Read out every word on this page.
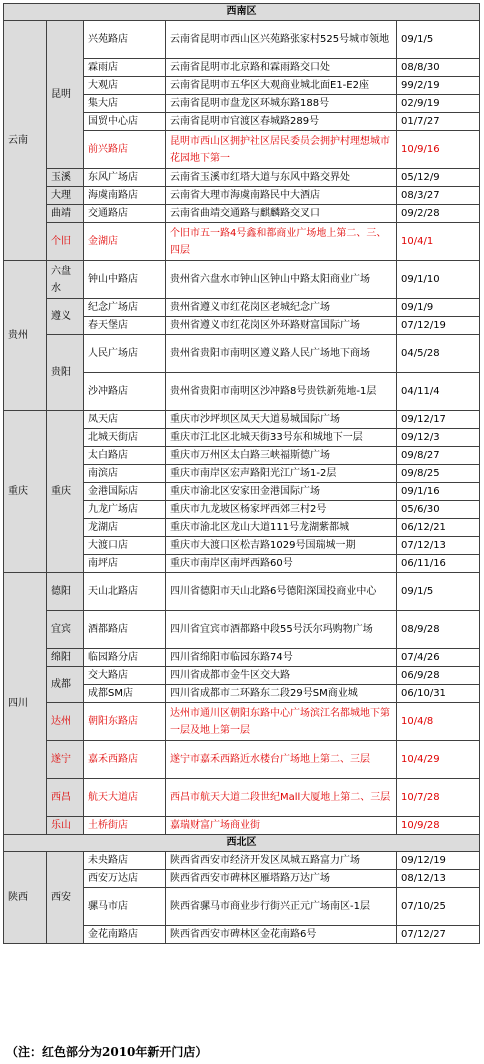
西南区				
云南	昆明	兴苑路店	云南省昆明市西山区兴苑路张家村525号城市领地	09/1/5
		霖雨店	云南省昆明市北京路和霖雨路交口处	08/8/30
		大观店	云南省昆明市五华区大观商业城北面E1-E2座	99/2/19
		集大店	云南省昆明市盘龙区环城东路188号	02/9/19
		国贸中心店	云南省昆明市官渡区春城路289号	01/7/27
		前兴路店	昆明市西山区拥护社区居民委员会拥护村理想城市花园地下第一	10/9/16
	玉溪	东风广场店	云南省玉溪市红塔大道与东风中路交界处	05/12/9
	大理	海虞南路店	云南省大理市海虞南路民中大酒店	08/3/27
	曲靖	交通路店	云南省曲靖交通路与麒麟路交叉口	09/2/28
	个旧	金湖店	个旧市五一路4号鑫和都商业广场地上第二、三、四层	10/4/1
贵州	六盘水	钟山中路店	贵州省六盘水市钟山区钟山中路太阳商业广场	09/1/10
	遵义	纪念广场店	贵州省遵义市红花岗区老城纪念广场	09/1/9
		春天堡店	贵州省遵义市红花岗区外环路财富国际广场	07/12/19
	贵阳	人民广场店	贵州省贵阳市南明区遵义路人民广场地下商场	04/5/28
		沙冲路店	贵州省贵阳市南明区沙冲路8号贵铁新苑地-1层	04/11/4
重庆	重庆	凤天店	重庆市沙坪坝区凤天大道易城国际广场	09/12/17
		北城天街店	重庆市江北区北城天街33号东和城地下一层	09/12/3
		太白路店	重庆市万州区太白路三峡福斯德广场	09/8/27
		南滨店	重庆市南岸区宏声路阳光江广场1-2层	09/8/25
		金港国际店	重庆市渝北区安家田金港国际广场	09/1/16
		九龙广场店	重庆市九龙坡区杨家坪西郊三村2号	05/6/30
		龙湖店	重庆市渝北区龙山大道111号龙湖紫都城	06/12/21
		大渡口店	重庆市大渡口区松吉路1029号国瑞城一期	07/12/13
		南坪店	重庆市南岸区南坪西路60号	06/11/16
四川	德阳	天山北路店	四川省德阳市天山北路6号德阳深国投商业中心	09/1/5
	宜宾	酒都路店	四川省宜宾市酒都路中段55号沃尔玛购物广场	08/9/28
	绵阳	临园路分店	四川省绵阳市临园东路74号	07/4/26
	成都	交大路店	四川省成都市金牛区交大路	06/9/28
		成都SM店	四川省成都市二环路东二段29号SM商业城	06/10/31
	达州	朝阳东路店	达州市通川区朝阳东路中心广场滨江名都城地下第一层及地上第一层	10/4/8
	遂宁	嘉禾西路店	遂宁市嘉禾西路近水楼台广场地上第二、三层	10/4/29
	西昌	航天大道店	西昌市航天大道二段世纪Mall大厦地上第二、三层	10/7/28
	乐山	土桥街店	嘉瑞财富广场商业街	10/9/28
西北区				
陕西	西安	未央路店	陕西省西安市经济开发区凤城五路富力广场	09/12/19
		西安万达店	陕西省西安市碑林区雁塔路万达广场	08/12/13
		骡马市店	陕西省骡马市商业步行街兴正元广场南区-1层	07/10/25
		金花南路店	陕西省西安市碑林区金花南路6号	07/12/27
（注：红色部分为2010年新开门店）
